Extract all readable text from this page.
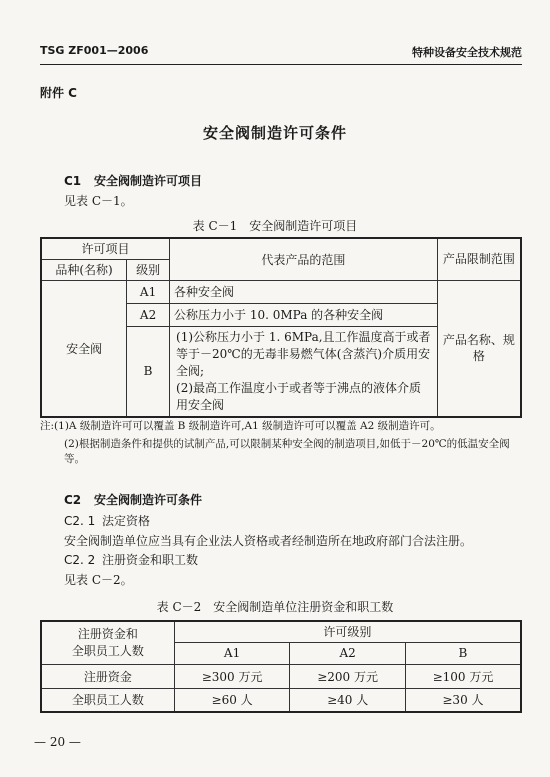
TSG ZF001—2006	特种设备安全技术规范
附件 C
安全阀制造许可条件
C1 安全阀制造许可项目
见表 C－1。
表 C－1　安全阀制造许可项目
许可项目		代表产品的范围	产品限制范围
品种(名称)	级别		
安全阀	A1	各种安全阀	产品名称、规格
	A2	公称压力小于 10. 0MPa 的各种安全阀	
	B	(1)公称压力小于 1. 6MPa,且工作温度高于或者等于－20℃的无毒非易燃气体(含蒸汽)介质用安全阀;
(2)最高工作温度小于或者等于沸点的液体介质用安全阀	
注:(1)A 级制造许可可以覆盖 B 级制造许可,A1 级制造许可可以覆盖 A2 级制造许可。
(2)根据制造条件和提供的试制产品,可以限制某种安全阀的制造项目,如低于－20℃的低温安全阀等。
C2 安全阀制造许可条件
C2. 1 法定资格
安全阀制造单位应当具有企业法人资格或者经制造所在地政府部门合法注册。
C2. 2 注册资金和职工数
见表 C－2。
表 C－2　安全阀制造单位注册资金和职工数
注册资金和
全职员工人数	许可级别		
	A1	A2	B
注册资金	≥300 万元	≥200 万元	≥100 万元
全职员工人数	≥60 人	≥40 人	≥30 人
— 20 —
